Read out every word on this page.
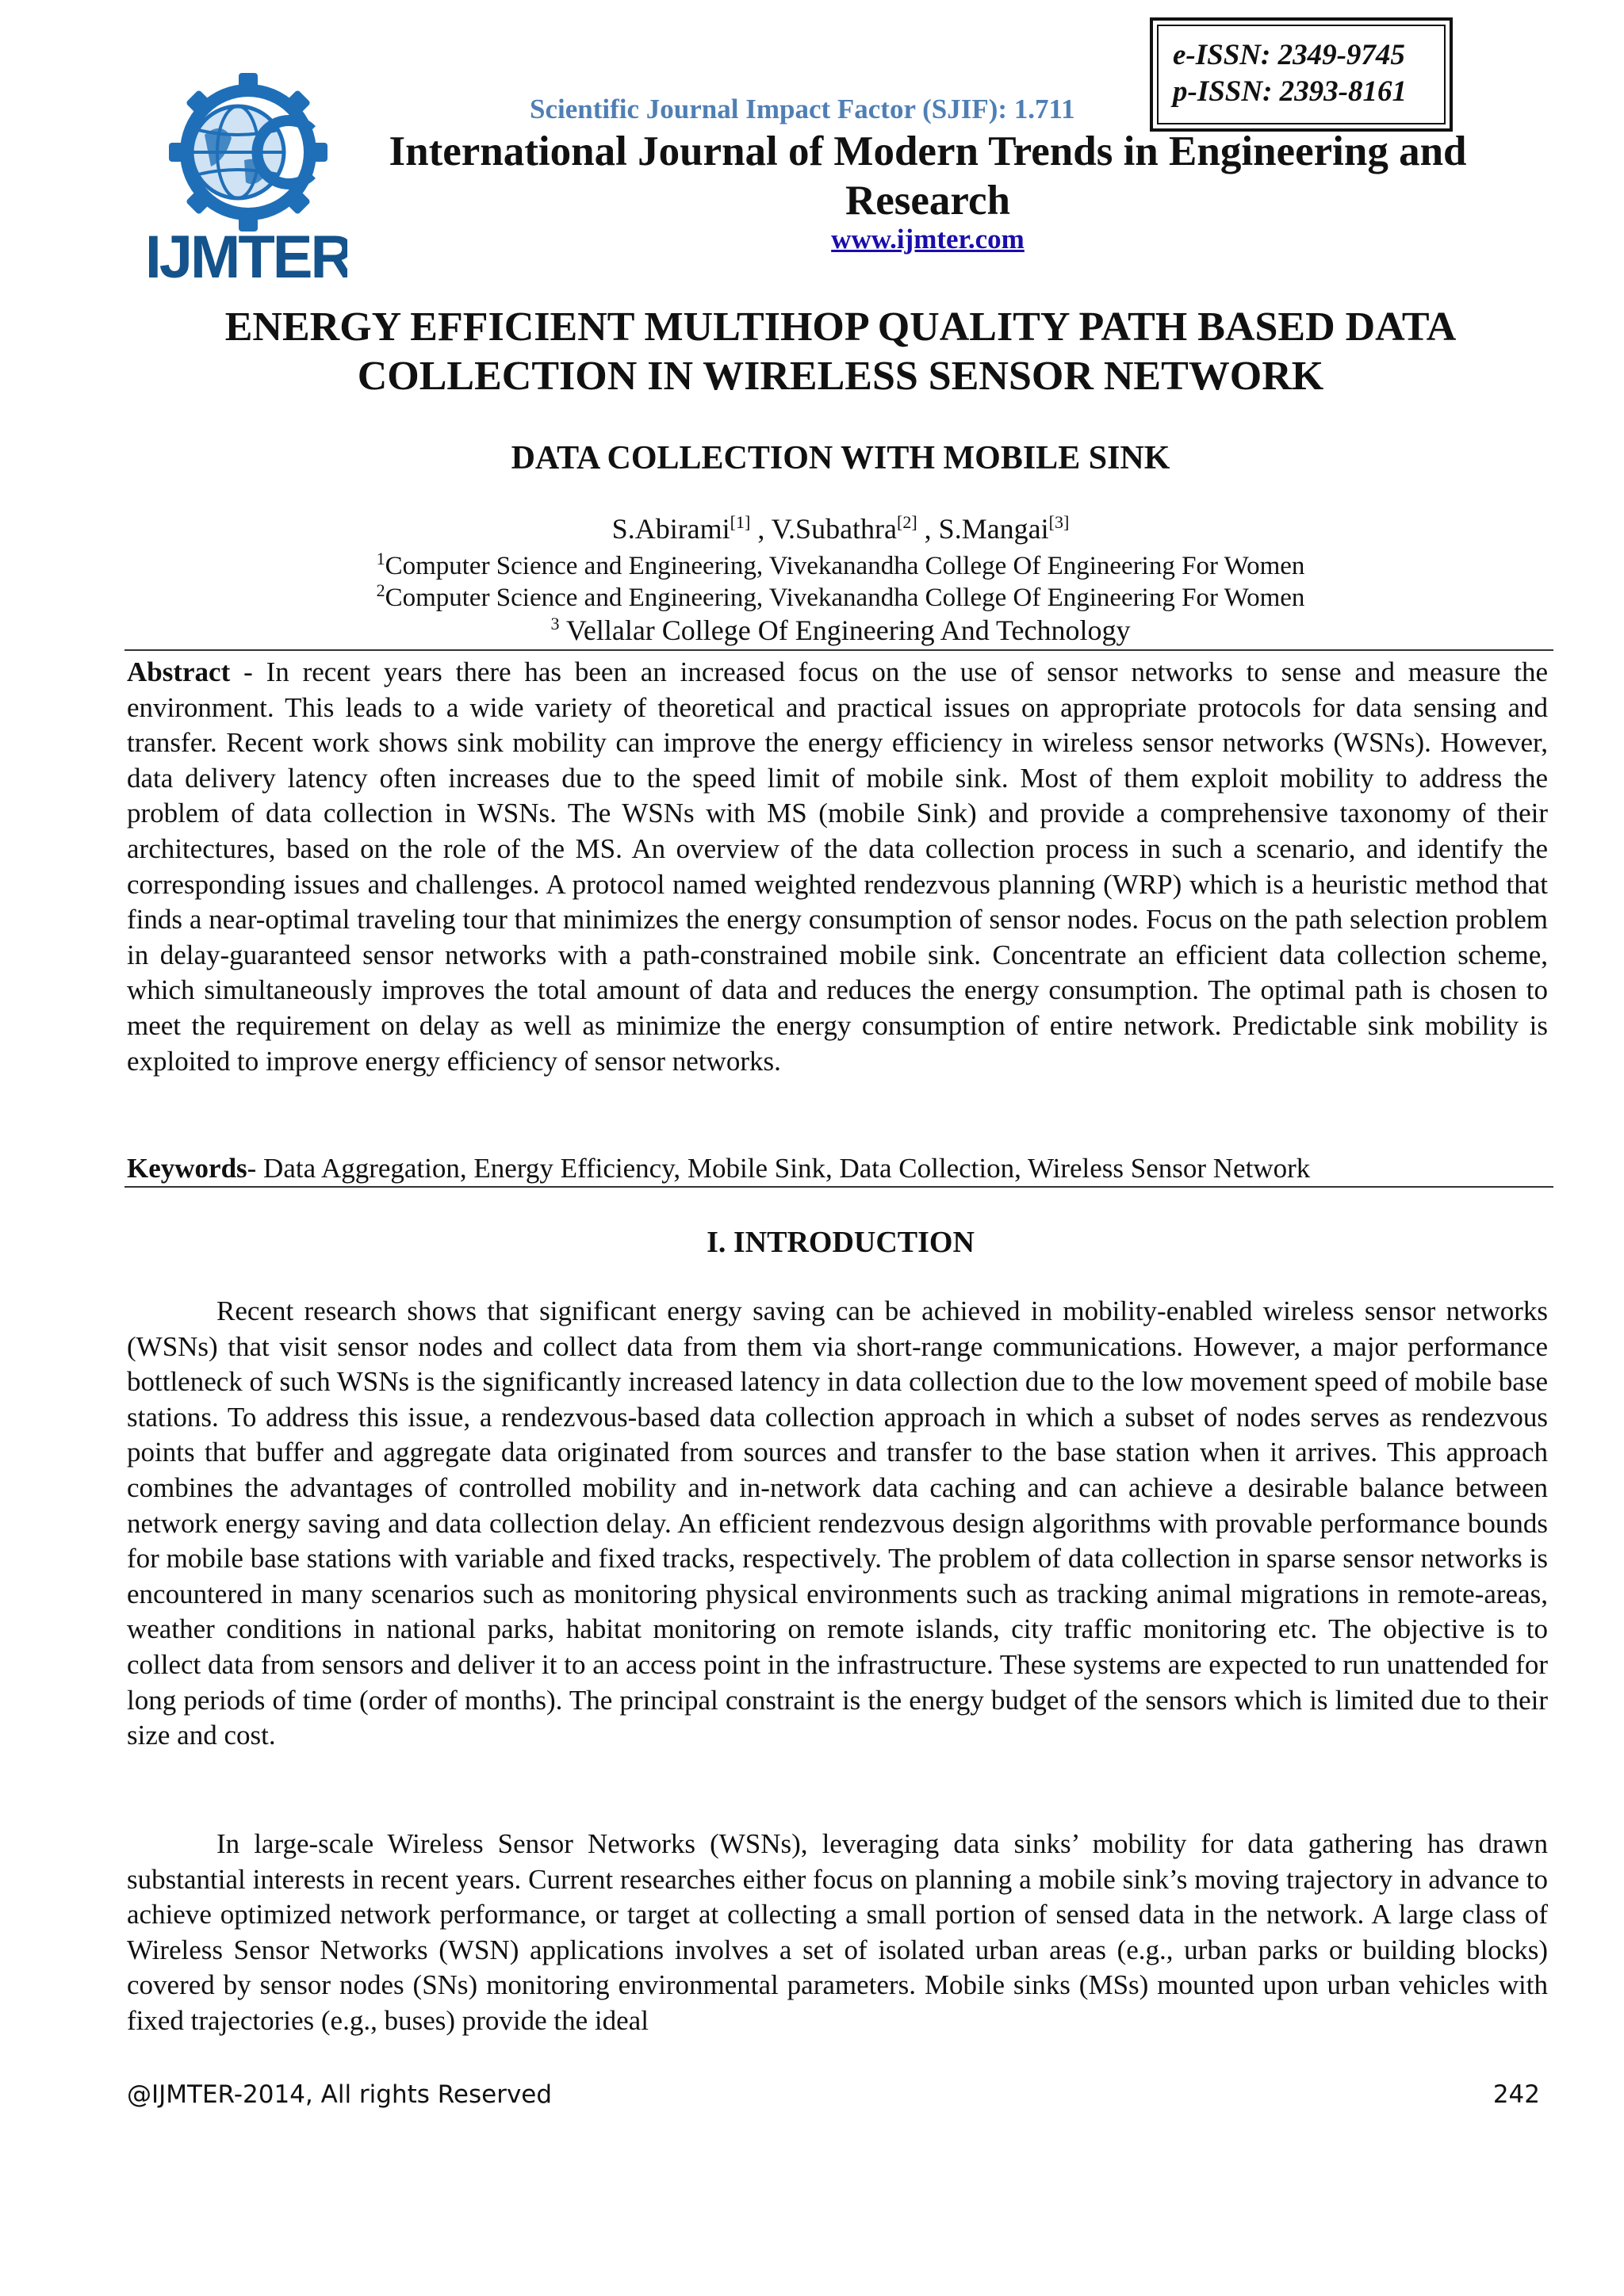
IJMTER
Scientific Journal Impact Factor (SJIF): 1.711
e-ISSN: 2349-9745
p-ISSN: 2393-8161
International Journal of Modern Trends in Engineering and Research
www.ijmter.com
ENERGY EFFICIENT MULTIHOP QUALITY PATH BASED DATA COLLECTION IN WIRELESS SENSOR NETWORK
DATA COLLECTION WITH MOBILE SINK
S.Abirami[1] , V.Subathra[2] , S.Mangai[3]
$^1$Computer Science and Engineering, Vivekanandha College Of Engineering For Women
$^2$Computer Science and Engineering, Vivekanandha College Of Engineering For Women
$^3$ Vellalar College Of Engineering And Technology
Abstract - In recent years there has been an increased focus on the use of sensor networks to sense and measure the environment. This leads to a wide variety of theoretical and practical issues on appropriate protocols for data sensing and transfer. Recent work shows sink mobility can improve the energy efficiency in wireless sensor networks (WSNs). However, data delivery latency often increases due to the speed limit of mobile sink. Most of them exploit mobility to address the problem of data collection in WSNs. The WSNs with MS (mobile Sink) and provide a comprehensive taxonomy of their architectures, based on the role of the MS. An overview of the data collection process in such a scenario, and identify the corresponding issues and challenges. A protocol named weighted rendezvous planning (WRP) which is a heuristic method that finds a near-optimal traveling tour that minimizes the energy consumption of sensor nodes. Focus on the path selection problem in delay-guaranteed sensor networks with a path-constrained mobile sink. Concentrate an efficient data collection scheme, which simultaneously improves the total amount of data and reduces the energy consumption. The optimal path is chosen to meet the requirement on delay as well as minimize the energy consumption of entire network. Predictable sink mobility is exploited to improve energy efficiency of sensor networks.
Keywords- Data Aggregation, Energy Efficiency, Mobile Sink, Data Collection, Wireless Sensor Network
I. INTRODUCTION
Recent research shows that significant energy saving can be achieved in mobility-enabled wireless sensor networks (WSNs) that visit sensor nodes and collect data from them via short-range communications. However, a major performance bottleneck of such WSNs is the significantly increased latency in data collection due to the low movement speed of mobile base stations. To address this issue, a rendezvous-based data collection approach in which a subset of nodes serves as rendezvous points that buffer and aggregate data originated from sources and transfer to the base station when it arrives. This approach combines the advantages of controlled mobility and in-network data caching and can achieve a desirable balance between network energy saving and data collection delay. An efficient rendezvous design algorithms with provable performance bounds for mobile base stations with variable and fixed tracks, respectively. The problem of data collection in sparse sensor networks is encountered in many scenarios such as monitoring physical environments such as tracking animal migrations in remote-areas, weather conditions in national parks, habitat monitoring on remote islands, city traffic monitoring etc. The objective is to collect data from sensors and deliver it to an access point in the infrastructure. These systems are expected to run unattended for long periods of time (order of months). The principal constraint is the energy budget of the sensors which is limited due to their size and cost.
In large-scale Wireless Sensor Networks (WSNs), leveraging data sinks’ mobility for data gathering has drawn substantial interests in recent years. Current researches either focus on planning a mobile sink’s moving trajectory in advance to achieve optimized network performance, or target at collecting a small portion of sensed data in the network. A large class of Wireless Sensor Networks (WSN) applications involves a set of isolated urban areas (e.g., urban parks or building blocks) covered by sensor nodes (SNs) monitoring environmental parameters. Mobile sinks (MSs) mounted upon urban vehicles with fixed trajectories (e.g., buses) provide the ideal
@IJMTER-2014, All rights Reserved	242
